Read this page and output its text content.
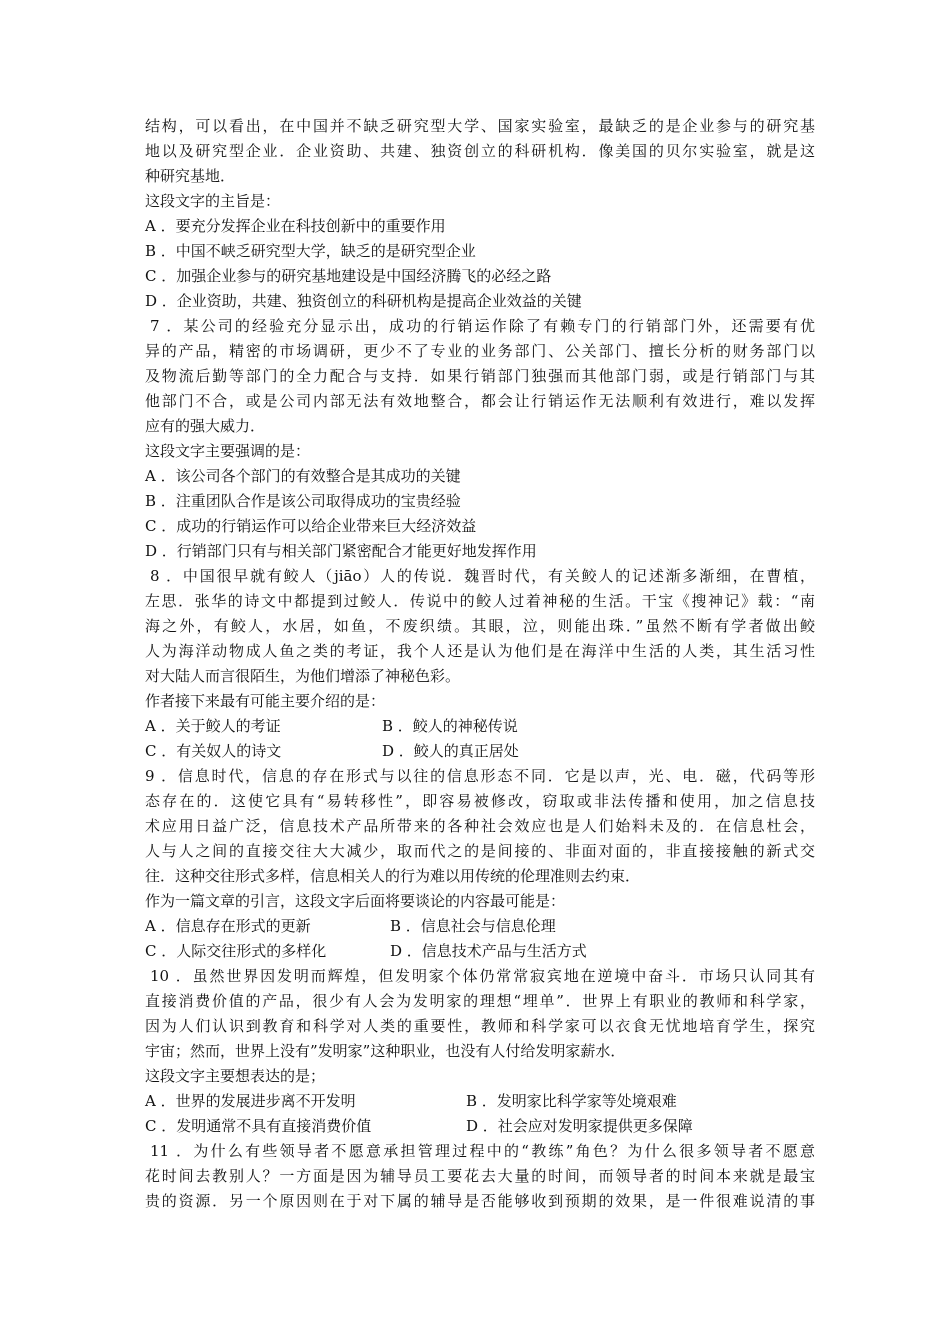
结构，可以看出，在中国并不缺乏研究型大学、国家实验室，最缺乏的是企业参与的研究基
地以及研究型企业．企业资助、共建、独资创立的科研机构．像美国的贝尔实验室，就是这
种研究基地．
这段文字的主旨是：
A ．要充分发挥企业在科技创新中的重要作用
B ．中国不峡乏研究型大学，缺乏的是研究型企业
C ．加强企业参与的研究基地建设是中国经济腾飞的必经之路
D ．企业资助，共建、独资创立的科研机构是提高企业效益的关键
7 ．某公司的经验充分显示出，成功的行销运作除了有赖专门的行销部门外，还需要有优
异的产品，精密的市场调研，更少不了专业的业务部门、公关部门、擅长分析的财务部门以
及物流后勤等部门的全力配合与支持．如果行销部门独强而其他部门弱，或是行销部门与其
他部门不合，或是公司内部无法有效地整合，都会让行销运作无法顺利有效进行，难以发挥
应有的强大威力．
这段文字主要强调的是：
A ．该公司各个部门的有效整合是其成功的关键
B ．注重团队合作是该公司取得成功的宝贵经验
C ．成功的行销运作可以给企业带来巨大经济效益
D ．行销部门只有与相关部门紧密配合才能更好地发挥作用
8 ．中国很早就有鲛人（jiāo）人的传说．魏晋时代，有关鲛人的记述渐多渐细，在曹植，
左思．张华的诗文中都提到过鲛人．传说中的鲛人过着神秘的生活。干宝《搜神记》载：“南
海之外，有鲛人，水居，如鱼，不废织绩。其眼，泣，则能出珠．”虽然不断有学者做出鲛
人为海洋动物成人鱼之类的考证，我个人还是认为他们是在海洋中生活的人类，其生活习性
对大陆人而言很陌生，为他们增添了神秘色彩。
作者接下来最有可能主要介绍的是：
A ．关于鲛人的考证	B ．鲛人的神秘传说
C ．有关奴人的诗文	D ．鲛人的真正居处
9 ．信息时代，信息的存在形式与以往的信息形态不同．它是以声，光、电．磁，代码等形
态存在的．这使它具有“易转移性”，即容易被修改，窃取或非法传播和使用，加之信息技
术应用日益广泛，信息技术产品所带来的各种社会效应也是人们始料未及的．在信息杜会，
人与人之间的直接交往大大减少，取而代之的是间接的、非面对面的，非直接接触的新式交
往．这种交往形式多样，信息相关人的行为难以用传统的伦理准则去约束．
作为一篇文章的引言，这段文字后面将要谈论的内容最可能是：
A ．信息存在形式的更新	B ．信息社会与信息伦理
C ．人际交往形式的多样化	D ．信息技术产品与生活方式
10 ．虽然世界因发明而辉煌，但发明家个体仍常常寂宾地在逆境中奋斗．市场只认同其有
直接消费价值的产品，很少有人会为发明家的理想“埋单”．世界上有职业的教师和科学家，
因为人们认识到教育和科学对人类的重要性，教师和科学家可以衣食无忧地培育学生，探究
宇宙；然而，世界上没有”发明家”这种职业，也没有人付给发明家薪水．
这段文字主要想表达的是；
A ．世界的发展进步离不开发明	B ．发明家比科学家等处境艰难
C ．发明通常不具有直接消费价值	D ．社会应对发明家提供更多保障
11 ．为什么有些领导者不愿意承担管理过程中的“教练”角色？为什么很多领导者不愿意
花时间去教别人？一方面是因为辅导员工要花去大量的时间，而领导者的时间本来就是最宝
贵的资源．另一个原因则在于对下属的辅导是否能够收到预期的效果，是一件很难说清的事
